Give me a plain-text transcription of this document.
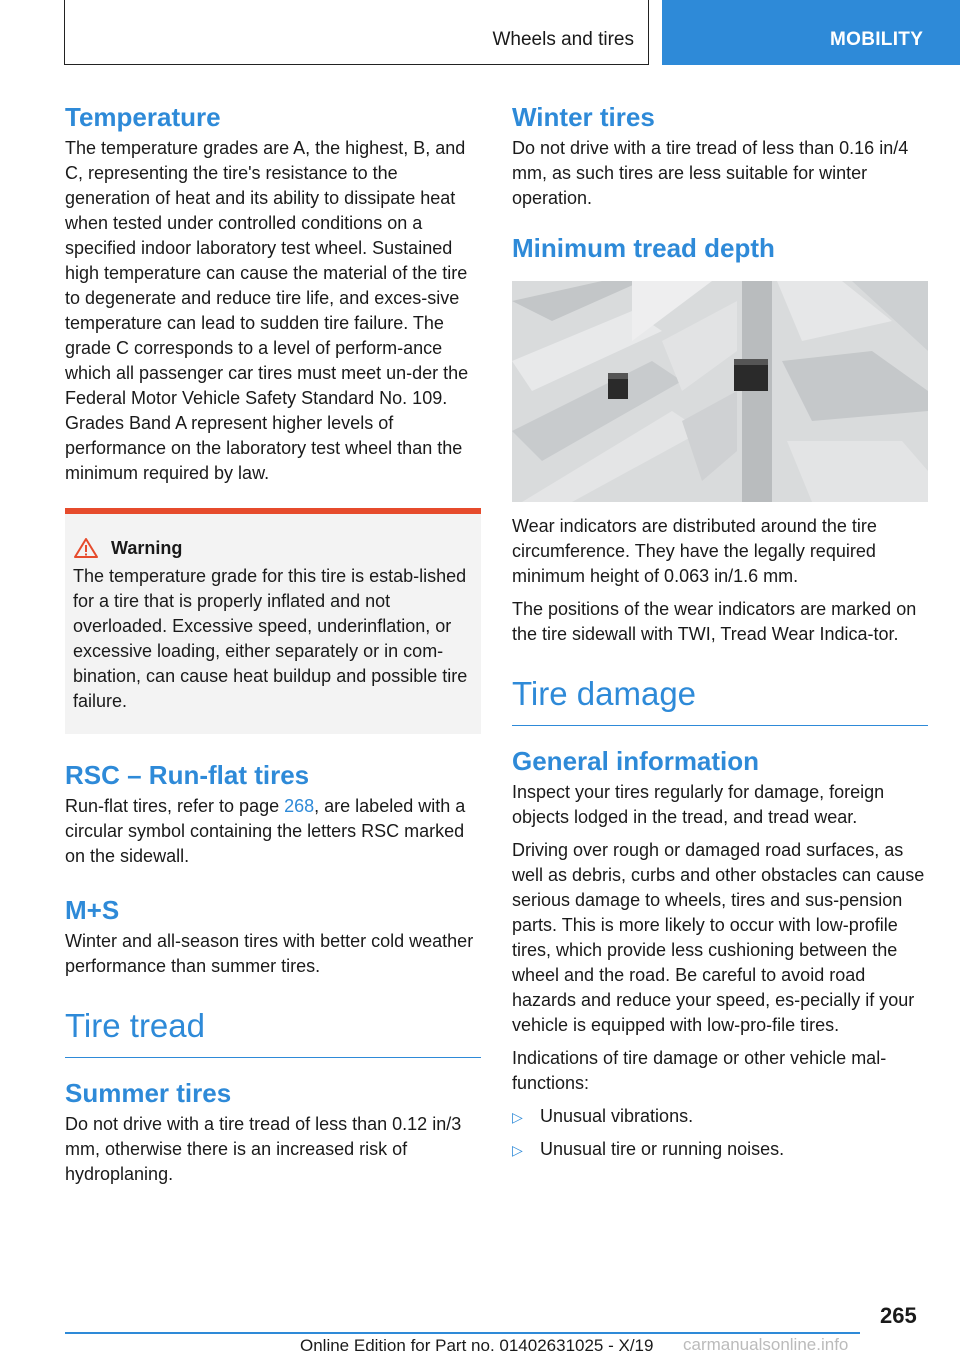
Wheels and tires	MOBILITY
Temperature

The temperature grades are A, the highest, B, and C, representing the tire's resistance to the generation of heat and its ability to dissipate heat when tested under controlled conditions on a specified indoor laboratory test wheel. Sustained high temperature can cause the material of the tire to degenerate and reduce tire life, and exces-sive temperature can lead to sudden tire failure. The grade C corresponds to a level of perform-ance which all passenger car tires must meet un-der the Federal Motor Vehicle Safety Standard No. 109. Grades Band A represent higher levels of performance on the laboratory test wheel than the minimum required by law.

Warning

The temperature grade for this tire is estab-lished for a tire that is properly inflated and not overloaded. Excessive speed, underinflation, or excessive loading, either separately or in com-bination, can cause heat buildup and possible tire failure.

RSC – Run-flat tires

Run-flat tires, refer to page 268, are labeled with a circular symbol containing the letters RSC marked on the sidewall.

M+S

Winter and all-season tires with better cold weather performance than summer tires.

Tire tread
Summer tires

Do not drive with a tire tread of less than 0.12 in/3 mm, otherwise there is an increased risk of hydroplaning.

Winter tires

Do not drive with a tire tread of less than 0.16 in/4 mm, as such tires are less suitable for winter operation.

Minimum tread depth

Wear indicators are distributed around the tire circumference. They have the legally required minimum height of 0.063 in/1.6 mm.

The positions of the wear indicators are marked on the tire sidewall with TWI, Tread Wear Indica-tor.

Tire damage
General information

Inspect your tires regularly for damage, foreign objects lodged in the tread, and tread wear.

Driving over rough or damaged road surfaces, as well as debris, curbs and other obstacles can cause serious damage to wheels, tires and sus-pension parts. This is more likely to occur with low-profile tires, which provide less cushioning between the wheel and the road. Be careful to avoid road hazards and reduce your speed, es-pecially if your vehicle is equipped with low-pro-file tires.

Indications of tire damage or other vehicle mal-functions:

▷ Unusual vibrations.
▷ Unusual tire or running noises.
265
Online Edition for Part no. 01402631025 - X/19 carmanualsonline.info
